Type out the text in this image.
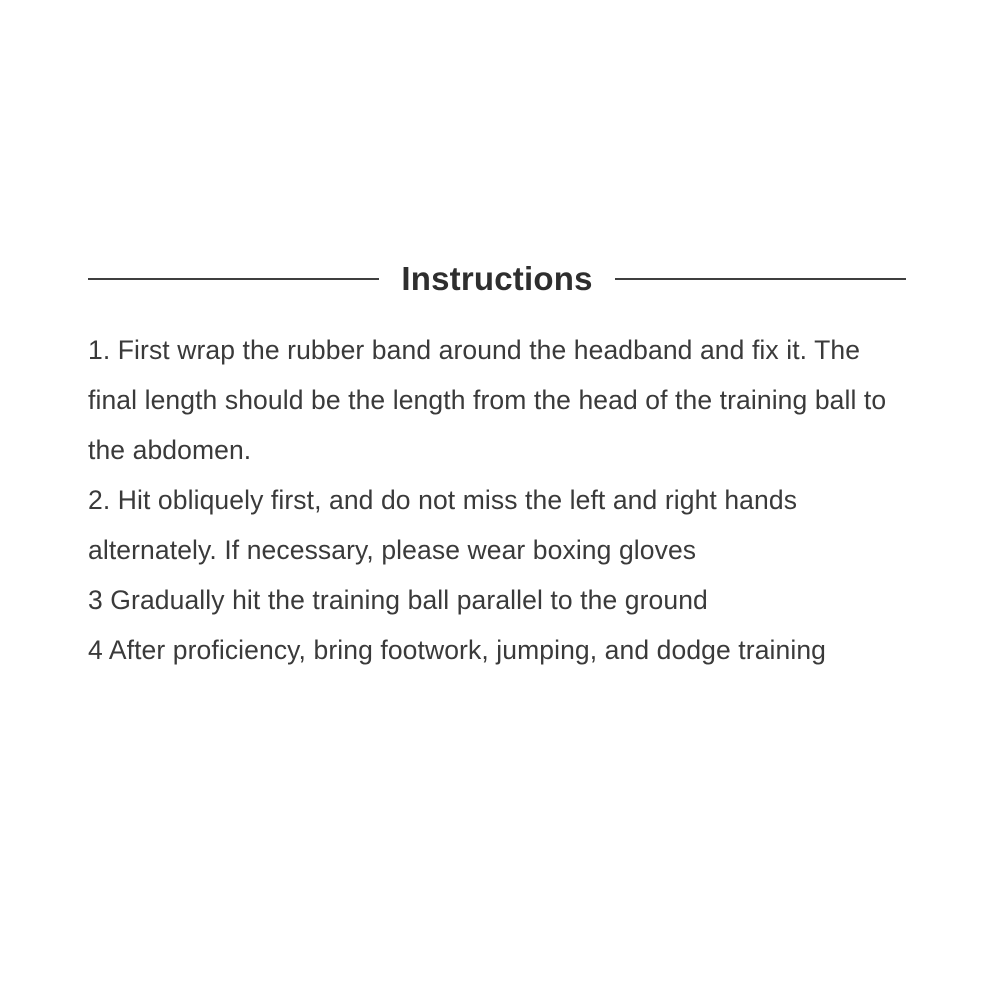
Instructions
1. First wrap the rubber band around the headband and fix it. The final length should be the length from the head of the training ball to the abdomen.
2. Hit obliquely first, and do not miss the left and right hands alternately. If necessary, please wear boxing gloves
3 Gradually hit the training ball parallel to the ground
4 After proficiency, bring footwork, jumping, and dodge training
